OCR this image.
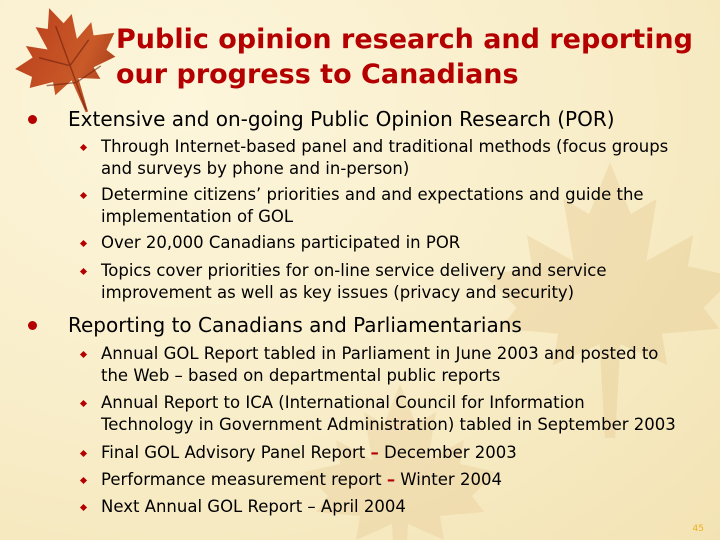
Public opinion research and reporting
our progress to Canadians
Extensive and on-going Public Opinion Research (POR)
Through Internet-based panel and traditional methods (focus groups
and surveys by phone and in-person)
Determine citizens’ priorities and and expectations and guide the
implementation of GOL
Over 20,000 Canadians participated in POR
Topics cover priorities for on-line service delivery and service
improvement as well as key issues (privacy and security)
Reporting to Canadians and Parliamentarians
Annual GOL Report tabled in Parliament in June 2003 and posted to
the Web – based on departmental public reports
Annual Report to ICA (International Council for Information
Technology in Government Administration) tabled in September 2003
Final GOL Advisory Panel Report – December 2003
Performance measurement report – Winter 2004
Next Annual GOL Report – April 2004
45
